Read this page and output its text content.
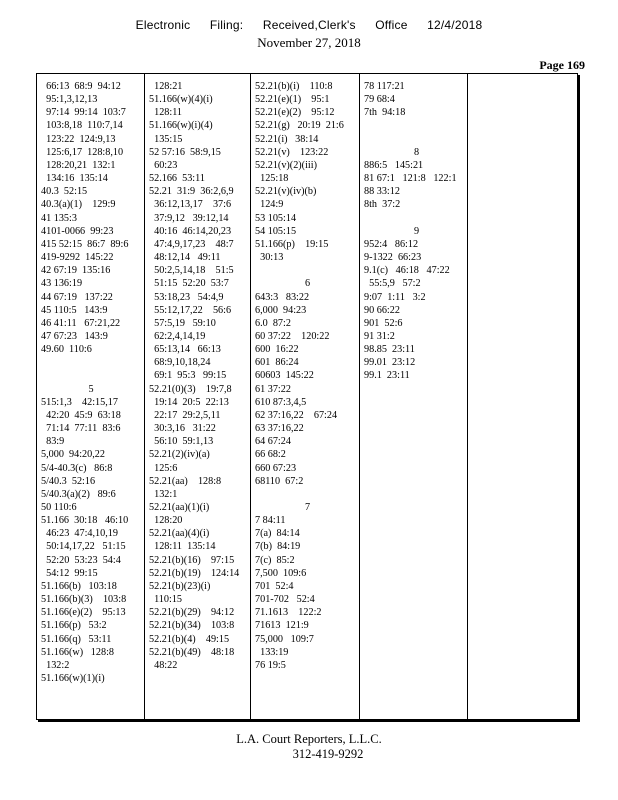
Electronic Filing: Received,Clerk's Office 12/4/2018
November 27, 2018
Page 169
66:13  68:9  94:12
95:1,3,12,13
97:14  99:14  103:7
103:8,18  110:7,14
123:22  124:9,13
125:6,17  128:8,10
128:20,21  132:1
134:16  135:14
40.3  52:15
40.3(a)(1)    129:9
41 135:3
4101-0066  99:23
415 52:15  86:7  89:6
419-9292  145:22
42 67:19  135:16
43 136:19
44 67:19   137:22
45 110:5   143:9
46 41:11   67:21,22
47 67:23   143:9
49.60  110:6

5
515:1,3    42:15,17
42:20  45:9  63:18
71:14  77:11  83:6
83:9
5,000  94:20,22
5/4-40.3(c)   86:8
5/40.3  52:16
5/40.3(a)(2)   89:6
50 110:6
51.166  30:18   46:10
46:23  47:4,10,19
50:14,17,22   51:15
52:20  53:23  54:4
54:12  99:15
51.166(b)   103:18
51.166(b)(3)    103:8
51.166(e)(2)    95:13
51.166(p)   53:2
51.166(q)   53:11
51.166(w)   128:8
132:2
51.166(w)(1)(i)
128:21
51.166(w)(4)(i)
128:11
51.166(w)(i)(4)
135:15
52 57:16  58:9,15
60:23
52.166  53:11
52.21  31:9  36:2,6,9
36:12,13,17    37:6
37:9,12   39:12,14
40:16  46:14,20,23
47:4,9,17,23    48:7
48:12,14   49:11
50:2,5,14,18    51:5
51:15  52:20  53:7
53:18,23   54:4,9
55:12,17,22    56:6
57:5,19   59:10
62:2,4,14,19
65:13,14   66:13
68:9,10,18,24
69:1  95:3   99:15
52.21(0)(3)    19:7,8
19:14  20:5  22:13
22:17  29:2,5,11
30:3,16   31:22
56:10  59:1,13
52.21(2)(iv)(a)
125:6
52.21(aa)    128:8
132:1
52.21(aa)(1)(i)
128:20
52.21(aa)(4)(i)
128:11  135:14
52.21(b)(16)    97:15
52.21(b)(19)    124:14
52.21(b)(23)(i)
110:15
52.21(b)(29)    94:12
52.21(b)(34)    103:8
52.21(b)(4)    49:15
52.21(b)(49)    48:18
48:22
52.21(b)(i)    110:8
52.21(e)(1)    95:1
52.21(e)(2)    95:12
52.21(g)   20:19  21:6
52.21(i)   38:14
52.21(v)    123:22
52.21(v)(2)(iii)
125:18
52.21(v)(iv)(b)
124:9
53 105:14
54 105:15
51.166(p)    19:15
30:13

6
643:3   83:22
6,000  94:23
6.0  87:2
60 37:22    120:22
600  16:22
601  86:24
60603  145:22
61 37:22
610 87:3,4,5
62 37:16,22    67:24
63 37:16,22
64 67:24
66 68:2
660 67:23
68110  67:2

7
7 84:11
7(a)  84:14
7(b)  84:19
7(c)  85:2
7,500  109:6
701  52:4
701-702   52:4
71.1613    122:2
71613  121:9
75,000   109:7
133:19
76 19:5
78 117:21
79 68:4
7th  94:18

8
886:5   145:21
81 67:1   121:8   122:1
88 33:12
8th  37:2

9
952:4   86:12
9-1322  66:23
9.1(c)   46:18   47:22
55:5,9   57:2
9:07  1:11   3:2
90 66:22
901  52:6
91 31:2
98.85  23:11
99.01  23:12
99.1  23:11
L.A. Court Reporters, L.L.C.
312-419-9292
